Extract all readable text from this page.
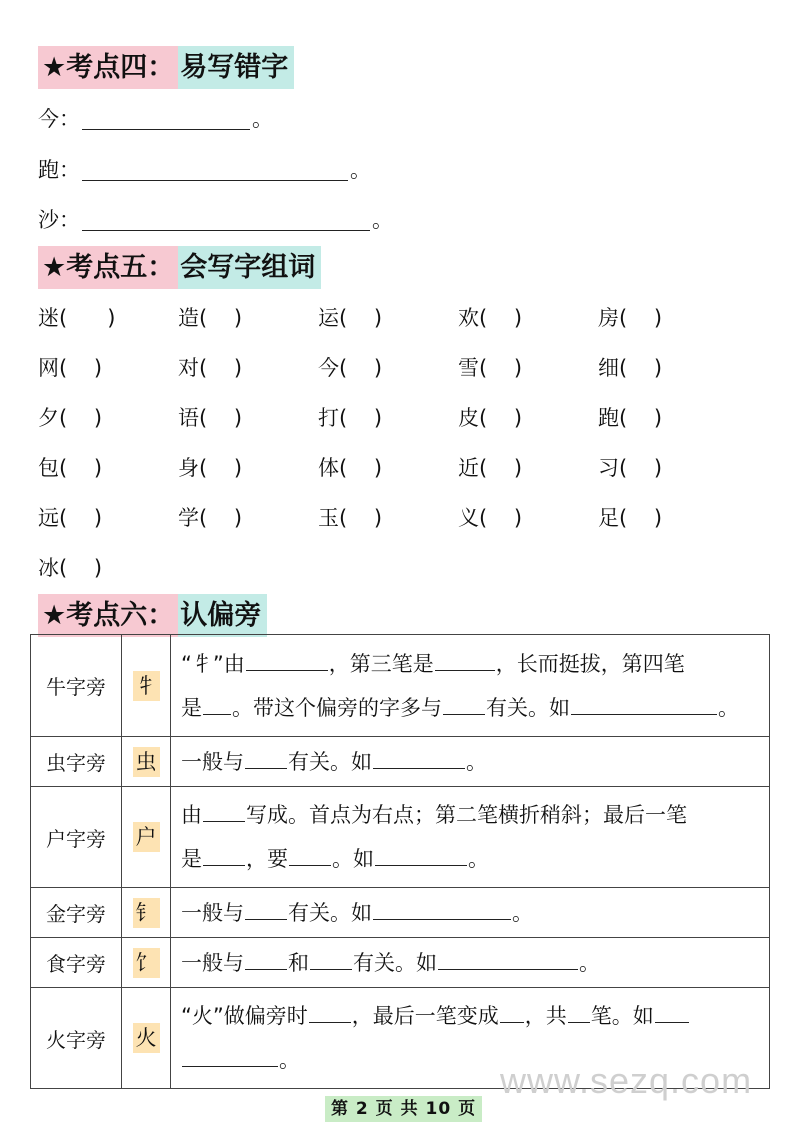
★考点四： 易写错字
今：	。
跑：	。
沙：	。
★考点五： 会写字组词
迷(      )	造(    )	运(    )	欢(    )	房(    )
网(    )	对(    )	今(    )	雪(    )	细(    )
夕(    )	语(    )	打(    )	皮(    )	跑(    )
包(    )	身(    )	体(    )	近(    )	习(    )
远(    )	学(    )	玉(    )	义(    )	足(    )
冰(    )
★考点六： 认偏旁
牛字旁	牜	“牜”由 ，第三笔是 ，长而挺拔，第四笔
是 。带这个偏旁的字多与 有关。如 。

虫字旁	虫	一般与 有关。如 。
户字旁	户	由 写成。首点为右点；第二笔横折稍斜；最后一笔
是 ，要 。如 。

金字旁	钅	一般与 有关。如 。
食字旁	饣	一般与 和 有关。如 。
火字旁	火	“火”做偏旁时 ，最后一笔变成 ，共 笔。如
。	www.sezq.com
第 2 页 共 10 页
